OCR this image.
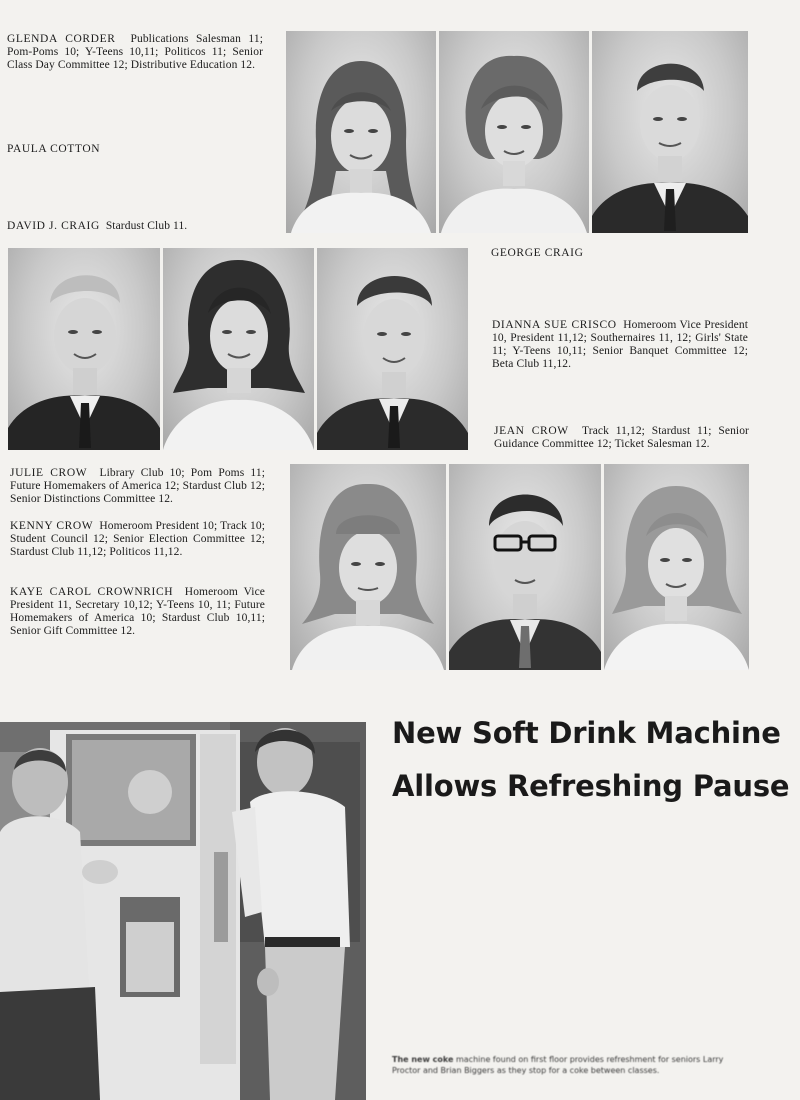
GLENDA CORDER Publications Salesman 11; Pom-Poms 10; Y-Teens 10,11; Politicos 11; Senior Class Day Committee 12; Distributive Education 12.
PAULA COTTON
DAVID J. CRAIG Stardust Club 11.
GEORGE CRAIG
DIANNA SUE CRISCO Homeroom Vice President 10, President 11,12; Southernaires 11, 12; Girls' State 11; Y-Teens 10,11; Senior Banquet Committee 12; Beta Club 11,12.
JEAN CROW Track 11,12; Stardust 11; Senior Guidance Committee 12; Ticket Salesman 12.
JULIE CROW Library Club 10; Pom Poms 11; Future Homemakers of America 12; Stardust Club 12; Senior Distinctions Committee 12.
KENNY CROW Homeroom President 10; Track 10; Student Council 12; Senior Election Committee 12; Stardust Club 11,12; Politicos 11,12.
KAYE CAROL CROWNRICH Homeroom Vice President 11, Secretary 10,12; Y-Teens 10, 11; Future Homemakers of America 10; Stardust Club 10,11; Senior Gift Committee 12.
New Soft Drink Machine
Allows Refreshing Pause
The new coke machine found on first floor provides refreshment for seniors Larry Proctor and Brian Biggers as they stop for a coke between classes.
